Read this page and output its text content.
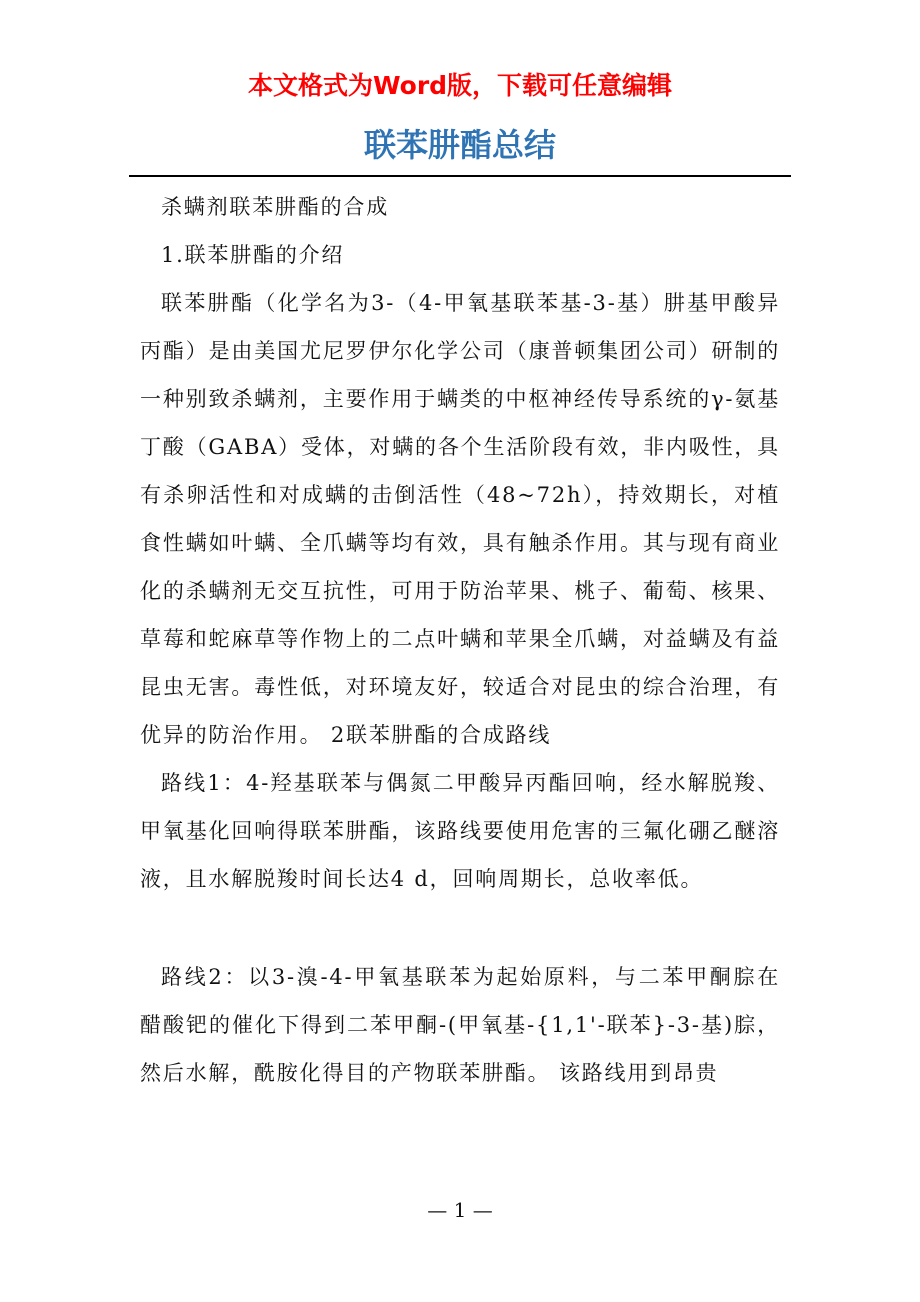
本文格式为Word版，下载可任意编辑
联苯肼酯总结

杀螨剂联苯肼酯的合成

1.联苯肼酯的介绍

联苯肼酯（化学名为3-（4-甲氧基联苯基-3-基）肼基甲酸异丙酯）是由美国尤尼罗伊尔化学公司（康普顿集团公司）研制的一种别致杀螨剂，主要作用于螨类的中枢神经传导系统的γ-氨基丁酸（GABA）受体，对螨的各个生活阶段有效，非内吸性，具有杀卵活性和对成螨的击倒活性（48~72h），持效期长，对植食性螨如叶螨、全爪螨等均有效，具有触杀作用。其与现有商业化的杀螨剂无交互抗性，可用于防治苹果、桃子、葡萄、核果、草莓和蛇麻草等作物上的二点叶螨和苹果全爪螨，对益螨及有益昆虫无害。毒性低，对环境友好，较适合对昆虫的综合治理，有优异的防治作用。 2联苯肼酯的合成路线

路线1：4-羟基联苯与偶氮二甲酸异丙酯回响，经水解脱羧、甲氧基化回响得联苯肼酯，该路线要使用危害的三氟化硼乙醚溶液，且水解脱羧时间长达4 d，回响周期长，总收率低。

路线2：以3-溴-4-甲氧基联苯为起始原料，与二苯甲酮腙在醋酸钯的催化下得到二苯甲酮-(甲氧基-{1,1'-联苯}-3-基)腙，然后水解，酰胺化得目的产物联苯肼酯。 该路线用到昂贵

— 1 —
